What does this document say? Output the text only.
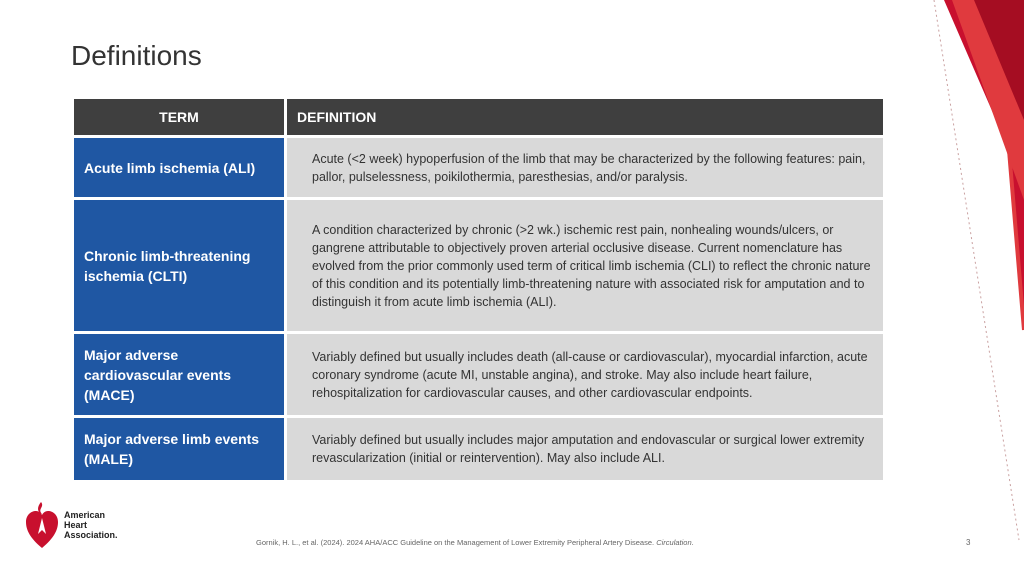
Definitions
TERM	DEFINITION
Acute limb ischemia (ALI)	Acute (<2 week) hypoperfusion of the limb that may be characterized by the following features: pain, pallor, pulselessness, poikilothermia, paresthesias, and/or paralysis.
Chronic limb-threatening ischemia (CLTI)	A condition characterized by chronic (>2 wk.) ischemic rest pain, nonhealing wounds/ulcers, or gangrene attributable to objectively proven arterial occlusive disease. Current nomenclature has evolved from the prior commonly used term of critical limb ischemia (CLI) to reflect the chronic nature of this condition and its potentially limb-threatening nature with associated risk for amputation and to distinguish it from acute limb ischemia (ALI).
Major adverse cardiovascular events (MACE)	Variably defined but usually includes death (all-cause or cardiovascular), myocardial infarction, acute coronary syndrome (acute MI, unstable angina), and stroke. May also include heart failure, rehospitalization for cardiovascular causes, and other cardiovascular endpoints.
Major adverse limb events (MALE)	Variably defined but usually includes major amputation and endovascular or surgical lower extremity revascularization (initial or reintervention). May also include ALI.
American
Heart
Association.
Gornik, H. L., et al. (2024). 2024 AHA/ACC Guideline on the Management of Lower Extremity Peripheral Artery Disease. Circulation.	3
